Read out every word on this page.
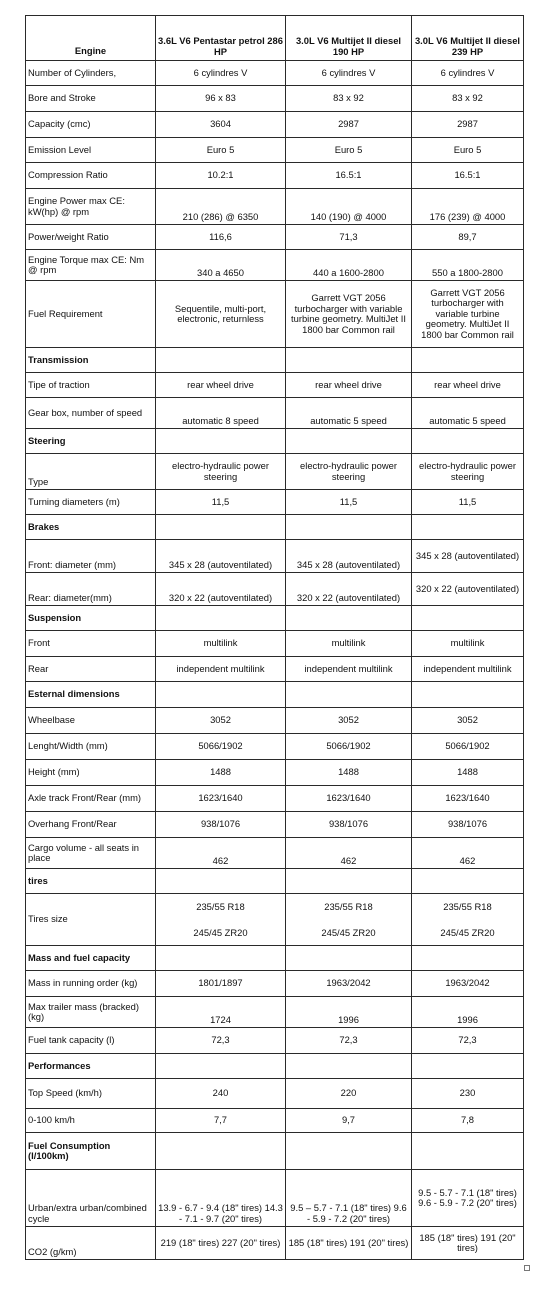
Engine	3.6L V6 Pentastar petrol 286 HP	3.0L V6 Multijet II diesel 190 HP	3.0L V6 Multijet II diesel 239 HP
Number of Cylinders,	6 cylindres V	6 cylindres V	6 cylindres V
Bore and Stroke	96 x 83	83 x 92	83 x 92
Capacity (cmc)	3604	2987	2987
Emission Level	Euro 5	Euro 5	Euro 5
Compression Ratio	10.2:1	16.5:1	16.5:1
Engine Power max CE: kW(hp) @ rpm	210 (286) @ 6350	140 (190) @ 4000	176 (239) @ 4000
Power/weight Ratio	116,6	71,3	89,7
Engine Torque max CE: Nm @ rpm	340 a 4650	440 a 1600-2800	550 a 1800-2800
Fuel Requirement	Sequentile, multi-port, electronic, returnless	Garrett VGT 2056 turbocharger with variable turbine geometry. MultiJet II 1800 bar Common rail	Garrett VGT 2056 turbocharger with variable turbine geometry. MultiJet II 1800 bar Common rail
Transmission			
Tipe of traction	rear wheel drive	rear wheel drive	rear wheel drive
Gear box, number of speed	automatic 8 speed	automatic 5 speed	automatic 5 speed
Steering			
Type	electro-hydraulic power steering	electro-hydraulic power steering	electro-hydraulic power steering
Turning diameters (m)	11,5	11,5	11,5
Brakes			
Front: diameter (mm)	345 x 28 (autoventilated)	345 x 28 (autoventilated)	345 x 28 (autoventilated)
Rear: diameter(mm)	320 x 22 (autoventilated)	320 x 22 (autoventilated)	320 x 22 (autoventilated)
Suspension			
Front	multilink	multilink	multilink
Rear	independent multilink	independent multilink	independent multilink
Esternal dimensions			
Wheelbase	3052	3052	3052
Lenght/Width (mm)	5066/1902	5066/1902	5066/1902
Height (mm)	1488	1488	1488
Axle track Front/Rear (mm)	1623/1640	1623/1640	1623/1640
Overhang Front/Rear	938/1076	938/1076	938/1076
Cargo volume - all seats in place	462	462	462
tires			
Tires size	235/55 R18	235/55 R18	235/55 R18
	245/45 ZR20	245/45 ZR20	245/45 ZR20
Mass and fuel capacity			
Mass in running order (kg)	1801/1897	1963/2042	1963/2042
Max trailer mass (bracked) (kg)	1724	1996	1996
Fuel tank capacity (l)	72,3	72,3	72,3
Performances			
Top Speed (km/h)	240	220	230
0-100 km/h	7,7	9,7	7,8
Fuel Consumption (l/100km)			
Urban/extra urban/combined cycle	13.9 - 6.7 - 9.4 (18" tires) 14.3 - 7.1 - 9.7 (20" tires)	9.5 – 5.7 - 7.1 (18" tires) 9.6 - 5.9 - 7.2 (20" tires)	9.5 - 5.7 - 7.1 (18" tires) 9.6 - 5.9 - 7.2 (20" tires)
CO2 (g/km)	219 (18" tires) 227 (20" tires)	185 (18" tires) 191 (20" tires)	185 (18" tires) 191 (20" tires)
